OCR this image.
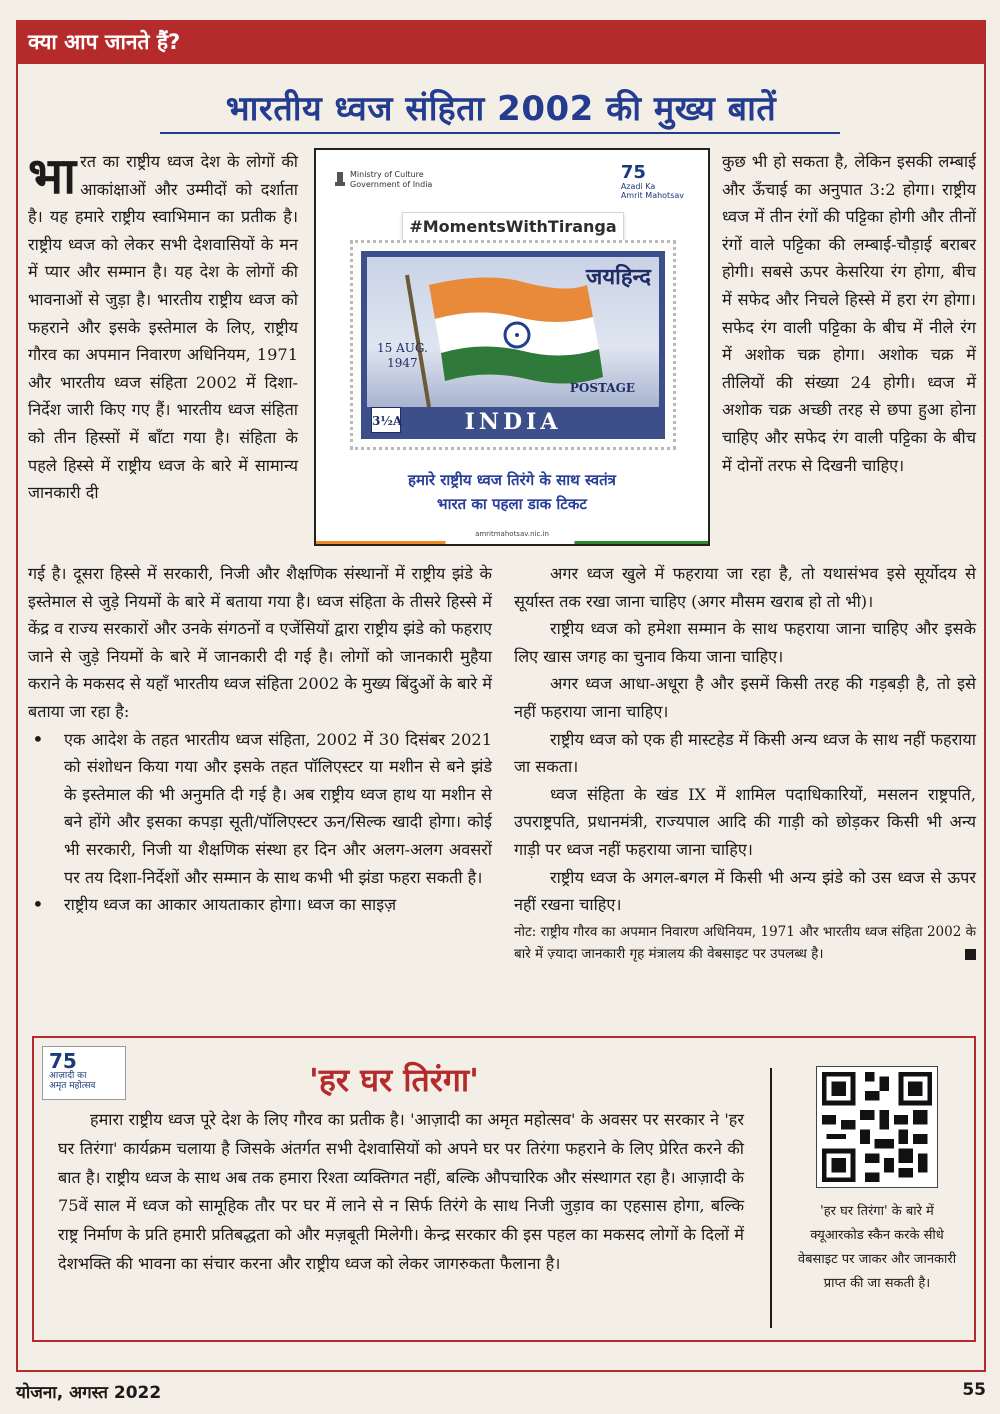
क्या आप जानते हैं?
भारतीय ध्वज संहिता 2002 की मुख्य बातें
भारत का राष्ट्रीय ध्वज देश के लोगों की आकांक्षाओं और उम्मीदों को दर्शाता है। यह हमारे राष्ट्रीय स्वाभिमान का प्रतीक है। राष्ट्रीय ध्वज को लेकर सभी देशवासियों के मन में प्यार और सम्मान है। यह देश के लोगों की भावनाओं से जुड़ा है। भारतीय राष्ट्रीय ध्वज को फहराने और इसके इस्तेमाल के लिए, राष्ट्रीय गौरव का अपमान निवारण अधिनियम, 1971 और भारतीय ध्वज संहिता 2002 में दिशा-निर्देश जारी किए गए हैं। भारतीय ध्वज संहिता को तीन हिस्सों में बाँटा गया है। संहिता के पहले हिस्से में राष्ट्रीय ध्वज के बारे में सामान्य जानकारी दी
Ministry of Culture
Government of India
75
Azadi Ka
Amrit Mahotsav
#MomentsWithTiranga
जयहिन्द
15 AUG.
1947
POSTAGE
3½A	INDIA
हमारे राष्ट्रीय ध्वज तिरंगे के साथ स्वतंत्र
भारत का पहला डाक टिकट
amritmahotsav.nic.in
कुछ भी हो सकता है, लेकिन इसकी लम्बाई और ऊँचाई का अनुपात 3:2 होगा। राष्ट्रीय ध्वज में तीन रंगों की पट्टिका होगी और तीनों रंगों वाले पट्टिका की लम्बाई-चौड़ाई बराबर होगी। सबसे ऊपर केसरिया रंग होगा, बीच में सफेद और निचले हिस्से में हरा रंग होगा। सफेद रंग वाली पट्टिका के बीच में नीले रंग में अशोक चक्र होगा। अशोक चक्र में तीलियों की संख्या 24 होगी। ध्वज में अशोक चक्र अच्छी तरह से छपा हुआ होना चाहिए और सफेद रंग वाली पट्टिका के बीच में दोनों तरफ से दिखनी चाहिए।

गई है। दूसरा हिस्से में सरकारी, निजी और शैक्षणिक संस्थानों में राष्ट्रीय झंडे के इस्तेमाल से जुड़े नियमों के बारे में बताया गया है। ध्वज संहिता के तीसरे हिस्से में केंद्र व राज्य सरकारों और उनके संगठनों व एजेंसियों द्वारा राष्ट्रीय झंडे को फहराए जाने से जुड़े नियमों के बारे में जानकारी दी गई है। लोगों को जानकारी मुहैया कराने के मकसद से यहाँ भारतीय ध्वज संहिता 2002 के मुख्य बिंदुओं के बारे में बताया जा रहा है:

• एक आदेश के तहत भारतीय ध्वज संहिता, 2002 में 30 दिसंबर 2021 को संशोधन किया गया और इसके तहत पॉलिएस्टर या मशीन से बने झंडे के इस्तेमाल की भी अनुमति दी गई है। अब राष्ट्रीय ध्वज हाथ या मशीन से बने होंगे और इसका कपड़ा सूती/पॉलिएस्टर ऊन/सिल्क खादी होगा। कोई भी सरकारी, निजी या शैक्षणिक संस्था हर दिन और अलग-अलग अवसरों पर तय दिशा-निर्देशों और सम्मान के साथ कभी भी झंडा फहरा सकती है।
• राष्ट्रीय ध्वज का आकार आयताकार होगा। ध्वज का साइज़

अगर ध्वज खुले में फहराया जा रहा है, तो यथासंभव इसे सूर्योदय से सूर्यास्त तक रखा जाना चाहिए (अगर मौसम खराब हो तो भी)।

राष्ट्रीय ध्वज को हमेशा सम्मान के साथ फहराया जाना चाहिए और इसके लिए खास जगह का चुनाव किया जाना चाहिए।

अगर ध्वज आधा-अधूरा है और इसमें किसी तरह की गड़बड़ी है, तो इसे नहीं फहराया जाना चाहिए।

राष्ट्रीय ध्वज को एक ही मास्टहेड में किसी अन्य ध्वज के साथ नहीं फहराया जा सकता।

ध्वज संहिता के खंड IX में शामिल पदाधिकारियों, मसलन राष्ट्रपति, उपराष्ट्रपति, प्रधानमंत्री, राज्यपाल आदि की गाड़ी को छोड़कर किसी भी अन्य गाड़ी पर ध्वज नहीं फहराया जाना चाहिए।

राष्ट्रीय ध्वज के अगल-बगल में किसी भी अन्य झंडे को उस ध्वज से ऊपर नहीं रखना चाहिए।

नोट: राष्ट्रीय गौरव का अपमान निवारण अधिनियम, 1971 और भारतीय ध्वज संहिता 2002 के बारे में ज़्यादा जानकारी गृह मंत्रालय की वेबसाइट पर उपलब्ध है।
75
आज़ादी का
अमृत महोत्सव	'हर घर तिरंगा'
हमारा राष्ट्रीय ध्वज पूरे देश के लिए गौरव का प्रतीक है। 'आज़ादी का अमृत महोत्सव' के अवसर पर सरकार ने 'हर घर तिरंगा' कार्यक्रम चलाया है जिसके अंतर्गत सभी देशवासियों को अपने घर पर तिरंगा फहराने के लिए प्रेरित करने की बात है। राष्ट्रीय ध्वज के साथ अब तक हमारा रिश्ता व्यक्तिगत नहीं, बल्कि औपचारिक और संस्थागत रहा है। आज़ादी के 75वें साल में ध्वज को सामूहिक तौर पर घर में लाने से न सिर्फ तिरंगे के साथ निजी जुड़ाव का एहसास होगा, बल्कि राष्ट्र निर्माण के प्रति हमारी प्रतिबद्धता को और मज़बूती मिलेगी। केन्द्र सरकार की इस पहल का मकसद लोगों के दिलों में देशभक्ति की भावना का संचार करना और राष्ट्रीय ध्वज को लेकर जागरुकता फैलाना है।
'हर घर तिरंगा' के बारे में क्यूआरकोड स्कैन करके सीधे वेबसाइट पर जाकर और जानकारी प्राप्त की जा सकती है।
योजना, अगस्त 2022	55
